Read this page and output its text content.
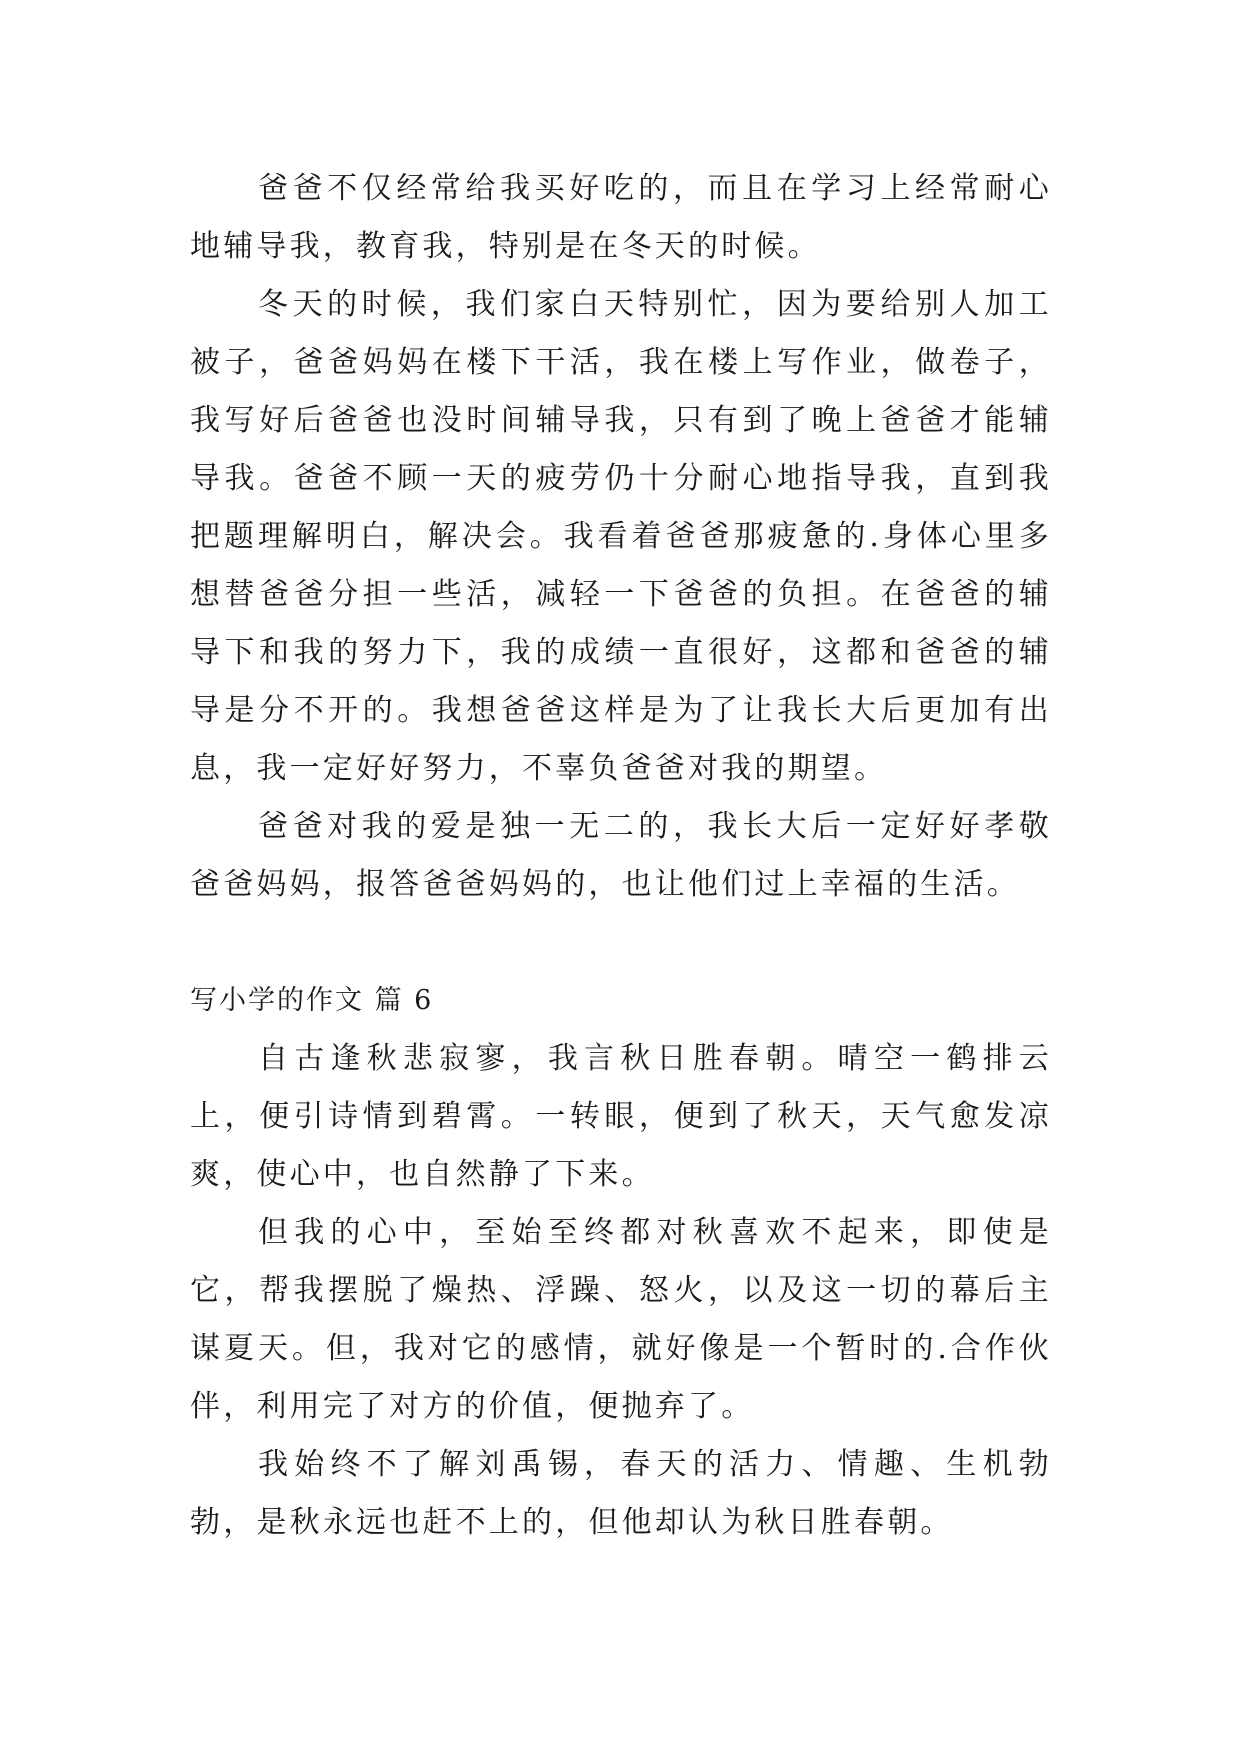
爸爸不仅经常给我买好吃的，而且在学习上经常耐心地辅导我，教育我，特别是在冬天的时候。

冬天的时候，我们家白天特别忙，因为要给别人加工被子，爸爸妈妈在楼下干活，我在楼上写作业，做卷子，我写好后爸爸也没时间辅导我，只有到了晚上爸爸才能辅导我。爸爸不顾一天的疲劳仍十分耐心地指导我，直到我把题理解明白，解决会。我看着爸爸那疲惫的.身体心里多想替爸爸分担一些活，减轻一下爸爸的负担。在爸爸的辅导下和我的努力下，我的成绩一直很好，这都和爸爸的辅导是分不开的。我想爸爸这样是为了让我长大后更加有出息，我一定好好努力，不辜负爸爸对我的期望。

爸爸对我的爱是独一无二的，我长大后一定好好孝敬爸爸妈妈，报答爸爸妈妈的，也让他们过上幸福的生活。

写小学的作文 篇 6

自古逢秋悲寂寥，我言秋日胜春朝。晴空一鹤排云上，便引诗情到碧霄。一转眼，便到了秋天，天气愈发凉爽，使心中，也自然静了下来。

但我的心中，至始至终都对秋喜欢不起来，即使是它，帮我摆脱了燥热、浮躁、怒火，以及这一切的幕后主谋夏天。但，我对它的感情，就好像是一个暂时的.合作伙伴，利用完了对方的价值，便抛弃了。

我始终不了解刘禹锡，春天的活力、情趣、生机勃勃，是秋永远也赶不上的，但他却认为秋日胜春朝。
